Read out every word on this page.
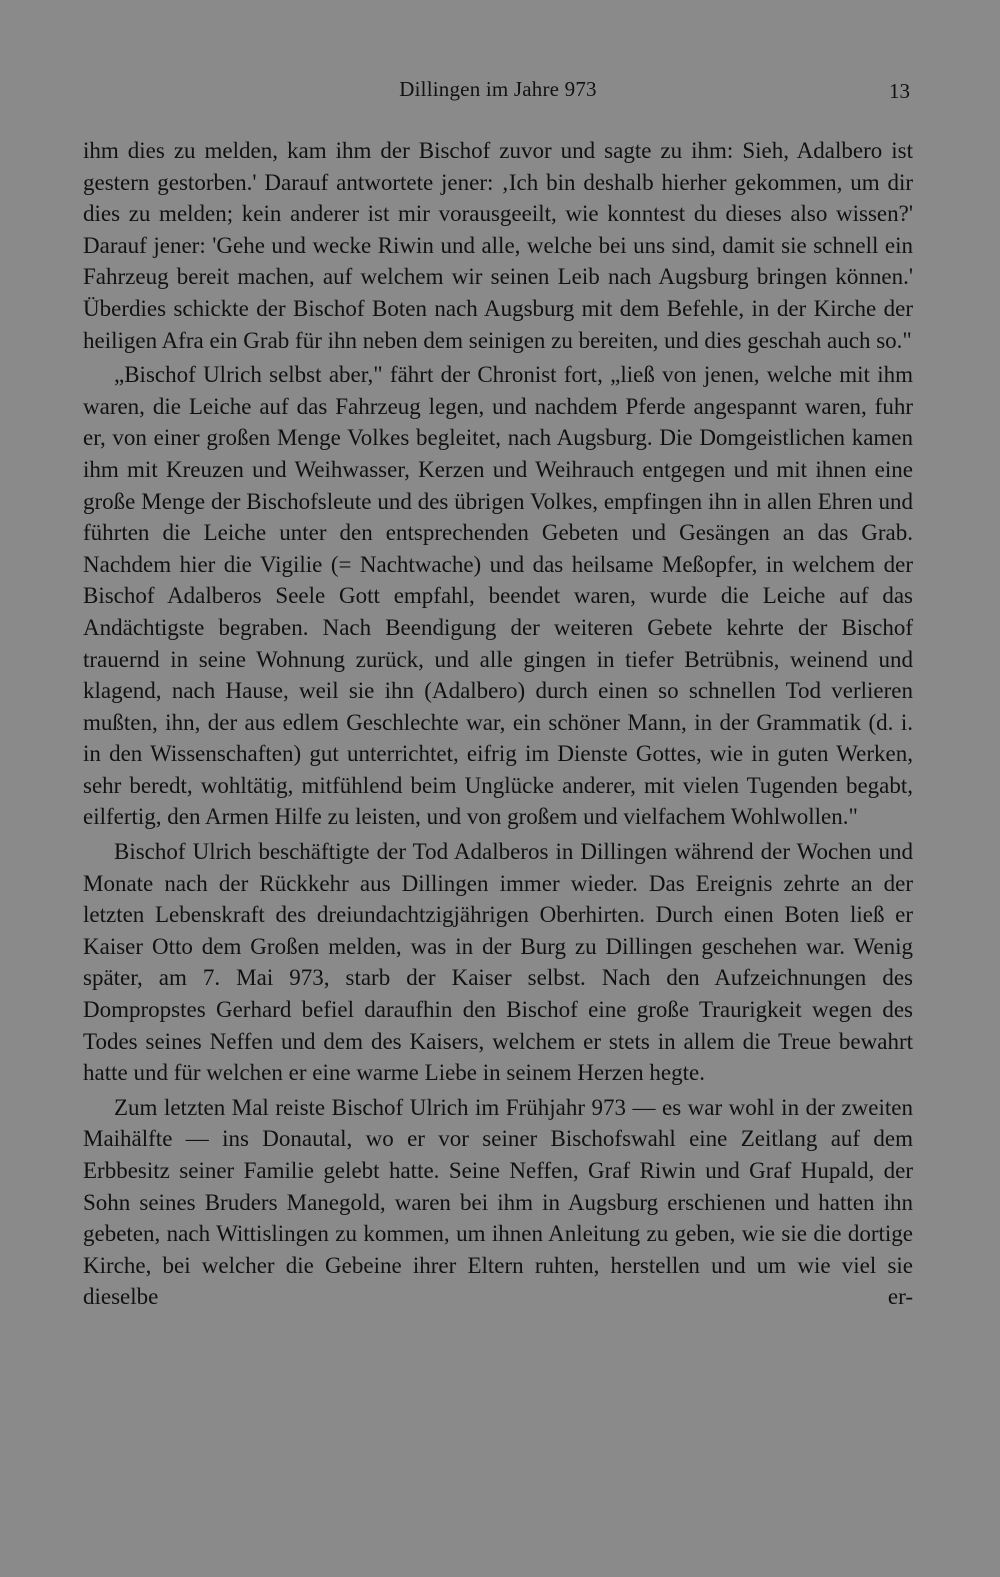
Dillingen im Jahre 973	13

ihm dies zu melden, kam ihm der Bischof zuvor und sagte zu ihm: Sieh, Adalbero ist gestern gestorben.' Darauf antwortete jener: ‚Ich bin deshalb hierher gekommen, um dir dies zu melden; kein anderer ist mir vorausgeeilt, wie konntest du dieses also wissen?' Darauf jener: 'Gehe und wecke Riwin und alle, welche bei uns sind, damit sie schnell ein Fahrzeug bereit machen, auf welchem wir seinen Leib nach Augsburg bringen können.' Überdies schickte der Bischof Boten nach Augsburg mit dem Befehle, in der Kirche der heiligen Afra ein Grab für ihn neben dem seinigen zu bereiten, und dies geschah auch so."

„Bischof Ulrich selbst aber," fährt der Chronist fort, „ließ von jenen, welche mit ihm waren, die Leiche auf das Fahrzeug legen, und nachdem Pferde angespannt waren, fuhr er, von einer großen Menge Volkes begleitet, nach Augsburg. Die Domgeistlichen kamen ihm mit Kreuzen und Weihwasser, Kerzen und Weihrauch entgegen und mit ihnen eine große Menge der Bischofsleute und des übrigen Volkes, empfingen ihn in allen Ehren und führten die Leiche unter den entsprechenden Gebeten und Gesängen an das Grab. Nachdem hier die Vigilie (= Nachtwache) und das heilsame Meßopfer, in welchem der Bischof Adalberos Seele Gott empfahl, beendet waren, wurde die Leiche auf das Andächtigste begraben. Nach Beendigung der weiteren Gebete kehrte der Bischof trauernd in seine Wohnung zurück, und alle gingen in tiefer Betrübnis, weinend und klagend, nach Hause, weil sie ihn (Adalbero) durch einen so schnellen Tod verlieren mußten, ihn, der aus edlem Geschlechte war, ein schöner Mann, in der Grammatik (d. i. in den Wissenschaften) gut unterrichtet, eifrig im Dienste Gottes, wie in guten Werken, sehr beredt, wohltätig, mitfühlend beim Unglücke anderer, mit vielen Tugenden begabt, eilfertig, den Armen Hilfe zu leisten, und von großem und vielfachem Wohlwollen."

Bischof Ulrich beschäftigte der Tod Adalberos in Dillingen während der Wochen und Monate nach der Rückkehr aus Dillingen immer wieder. Das Ereignis zehrte an der letzten Lebenskraft des dreiundachtzigjährigen Oberhirten. Durch einen Boten ließ er Kaiser Otto dem Großen melden, was in der Burg zu Dillingen geschehen war. Wenig später, am 7. Mai 973, starb der Kaiser selbst. Nach den Aufzeichnungen des Dompropstes Gerhard befiel daraufhin den Bischof eine große Traurigkeit wegen des Todes seines Neffen und dem des Kaisers, welchem er stets in allem die Treue bewahrt hatte und für welchen er eine warme Liebe in seinem Herzen hegte.

Zum letzten Mal reiste Bischof Ulrich im Frühjahr 973 — es war wohl in der zweiten Maihälfte — ins Donautal, wo er vor seiner Bischofswahl eine Zeitlang auf dem Erbbesitz seiner Familie gelebt hatte. Seine Neffen, Graf Riwin und Graf Hupald, der Sohn seines Bruders Manegold, waren bei ihm in Augsburg erschienen und hatten ihn gebeten, nach Wittislingen zu kommen, um ihnen Anleitung zu geben, wie sie die dortige Kirche, bei welcher die Gebeine ihrer Eltern ruhten, herstellen und um wie viel sie dieselbe er-
